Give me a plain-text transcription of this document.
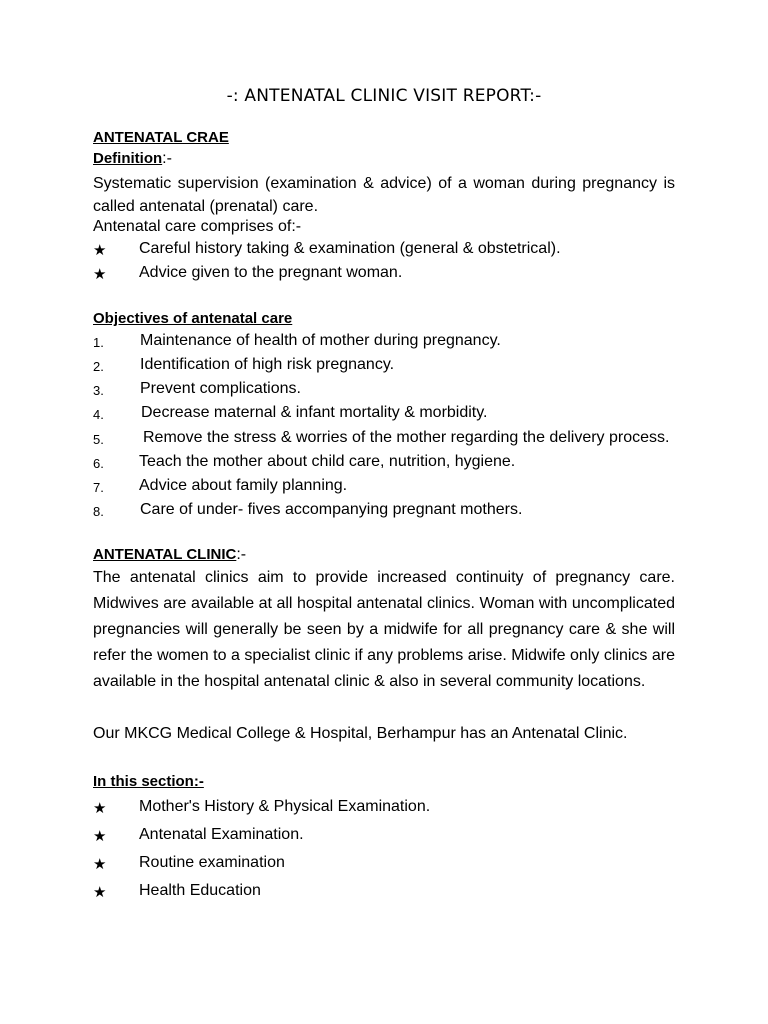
-: ANTENATAL CLINIC VISIT REPORT:-
ANTENATAL CRAE
Definition:-
Systematic supervision (examination & advice) of a woman during pregnancy is called antenatal (prenatal) care.
Antenatal care comprises of:-
★ Careful history taking & examination (general & obstetrical).
★ Advice given to the pregnant woman.
Objectives of antenatal care
1. Maintenance of health of mother during pregnancy.
2. Identification of high risk pregnancy.
3. Prevent complications.
4. Decrease maternal & infant mortality & morbidity.
5. Remove the stress & worries of the mother regarding the delivery process.
6. Teach the mother about child care, nutrition, hygiene.
7. Advice about family planning.
8. Care of under- fives accompanying pregnant mothers.
ANTENATAL CLINIC:-
The antenatal clinics aim to provide increased continuity of pregnancy care. Midwives are available at all hospital antenatal clinics. Woman with uncomplicated pregnancies will generally be seen by a midwife for all pregnancy care & she will refer the women to a specialist clinic if any problems arise. Midwife only clinics are available in the hospital antenatal clinic & also in several community locations.
Our MKCG Medical College & Hospital, Berhampur has an Antenatal Clinic.
In this section:-
★ Mother's History & Physical Examination.
★ Antenatal Examination.
★ Routine examination
★ Health Education
